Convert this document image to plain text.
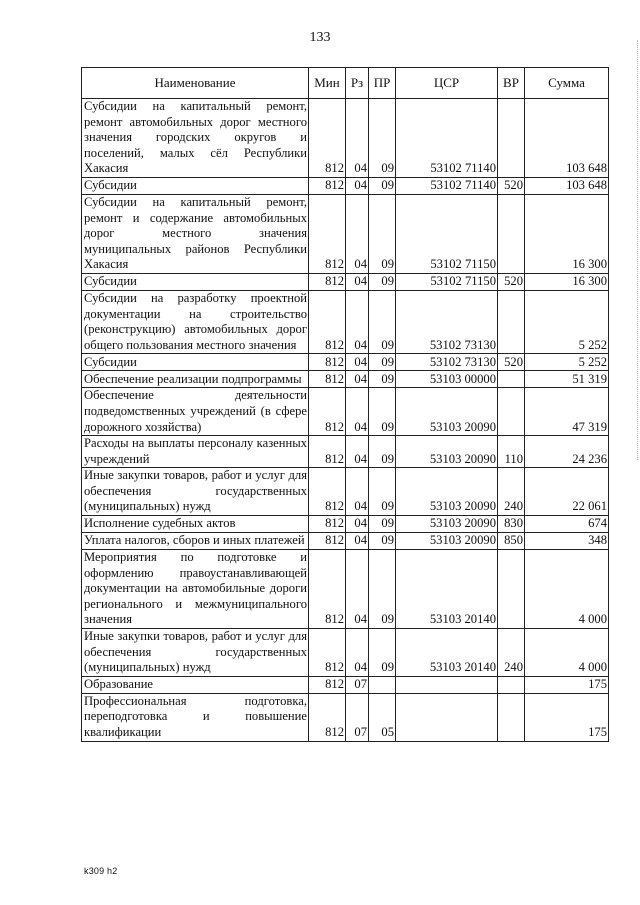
133
Наименование	Мин	Рз	ПР	ЦСР	ВР	Сумма
Субсидии на капитальный ремонт, ремонт автомобильных дорог местного значения городских округов и поселений, малых сёл Республики Хакасия	812	04	09	53102 71140		103 648
Субсидии	812	04	09	53102 71140	520	103 648
Субсидии на капитальный ремонт, ремонт и содержание автомобильных дорог местного значения муниципальных районов Республики Хакасия	812	04	09	53102 71150		16 300
Субсидии	812	04	09	53102 71150	520	16 300
Субсидии на разработку проектной документации на строительство (реконструкцию) автомобильных дорог общего пользования местного значения	812	04	09	53102 73130		5 252
Субсидии	812	04	09	53102 73130	520	5 252
Обеспечение реализации подпрограммы	812	04	09	53103 00000		51 319
Обеспечение деятельности подведомственных учреждений (в сфере дорожного хозяйства)	812	04	09	53103 20090		47 319
Расходы на выплаты персоналу казенных учреждений	812	04	09	53103 20090	110	24 236
Иные закупки товаров, работ и услуг для обеспечения государственных (муниципальных) нужд	812	04	09	53103 20090	240	22 061
Исполнение судебных актов	812	04	09	53103 20090	830	674
Уплата налогов, сборов и иных платежей	812	04	09	53103 20090	850	348
Мероприятия по подготовке и оформлению правоустанавливающей документации на автомобильные дороги регионального и межмуниципального значения	812	04	09	53103 20140		4 000
Иные закупки товаров, работ и услуг для обеспечения государственных (муниципальных) нужд	812	04	09	53103 20140	240	4 000
Образование	812	07				175
Профессиональная подготовка, переподготовка и повышение квалификации	812	07	05			175
k309 h2
